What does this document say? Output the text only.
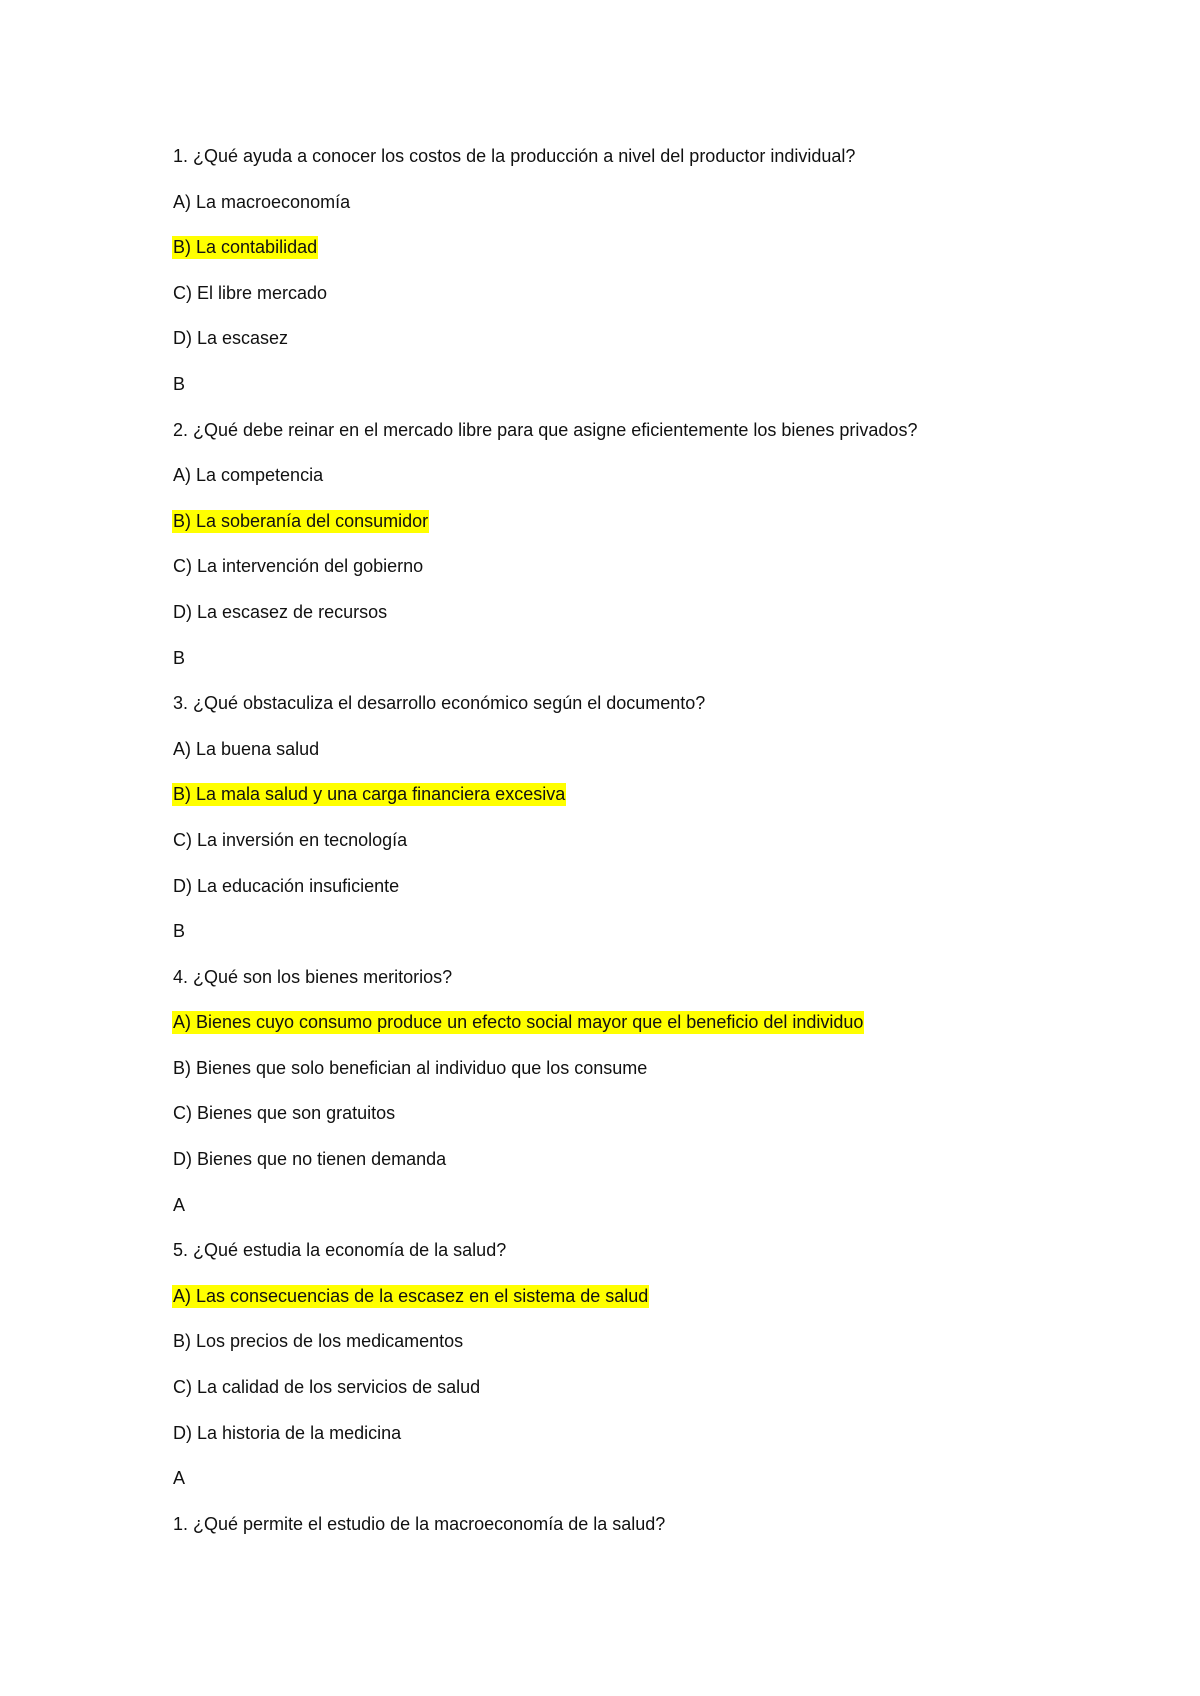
1. ¿Qué ayuda a conocer los costos de la producción a nivel del productor individual?
A) La macroeconomía
B) La contabilidad
C) El libre mercado
D) La escasez
B
2. ¿Qué debe reinar en el mercado libre para que asigne eficientemente los bienes privados?
A) La competencia
B) La soberanía del consumidor
C) La intervención del gobierno
D) La escasez de recursos
B
3. ¿Qué obstaculiza el desarrollo económico según el documento?
A) La buena salud
B) La mala salud y una carga financiera excesiva
C) La inversión en tecnología
D) La educación insuficiente
B
4. ¿Qué son los bienes meritorios?
A) Bienes cuyo consumo produce un efecto social mayor que el beneficio del individuo
B) Bienes que solo benefician al individuo que los consume
C) Bienes que son gratuitos
D) Bienes que no tienen demanda
A
5. ¿Qué estudia la economía de la salud?
A) Las consecuencias de la escasez en el sistema de salud
B) Los precios de los medicamentos
C) La calidad de los servicios de salud
D) La historia de la medicina
A
1. ¿Qué permite el estudio de la macroeconomía de la salud?
